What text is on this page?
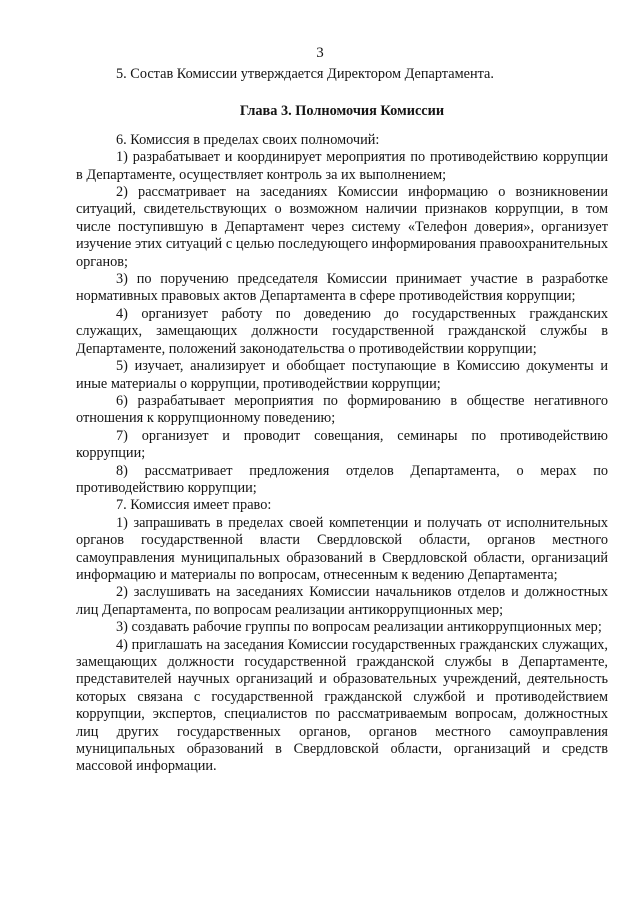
3

5. Состав Комиссии утверждается Директором Департамента.

Глава 3. Полномочия Комиссии

6. Комиссия в пределах своих полномочий:

1) разрабатывает и координирует мероприятия по противодействию коррупции в Департаменте, осуществляет контроль за их выполнением;

2) рассматривает на заседаниях Комиссии информацию о возникновении ситуаций, свидетельствующих о возможном наличии признаков коррупции, в том числе поступившую в Департамент через систему «Телефон доверия», организует изучение этих ситуаций с целью последующего информирования правоохранительных органов;

3) по поручению председателя Комиссии принимает участие в разработке нормативных правовых актов Департамента в сфере противодействия коррупции;

4) организует работу по доведению до государственных гражданских служащих, замещающих должности государственной гражданской службы в Департаменте, положений законодательства о противодействии коррупции;

5) изучает, анализирует и обобщает поступающие в Комиссию документы и иные материалы о коррупции, противодействии коррупции;

6) разрабатывает мероприятия по формированию в обществе негативного отношения к коррупционному поведению;

7) организует и проводит совещания, семинары по противодействию коррупции;

8) рассматривает предложения отделов Департамента, о мерах по противодействию коррупции;

7. Комиссия имеет право:

1) запрашивать в пределах своей компетенции и получать от исполнительных органов государственной власти Свердловской области, органов местного самоуправления муниципальных образований в Свердловской области, организаций информацию и материалы по вопросам, отнесенным к ведению Департамента;

2) заслушивать на заседаниях Комиссии начальников отделов и должностных лиц Департамента, по вопросам реализации антикоррупционных мер;

3) создавать рабочие группы по вопросам реализации антикоррупционных мер;

4) приглашать на заседания Комиссии государственных гражданских служащих, замещающих должности государственной гражданской службы в Департаменте, представителей научных организаций и образовательных учреждений, деятельность которых связана с государственной гражданской службой и противодействием коррупции, экспертов, специалистов по рассматриваемым вопросам, должностных лиц других государственных органов, органов местного самоуправления муниципальных образований в Свердловской области, организаций и средств массовой информации.
